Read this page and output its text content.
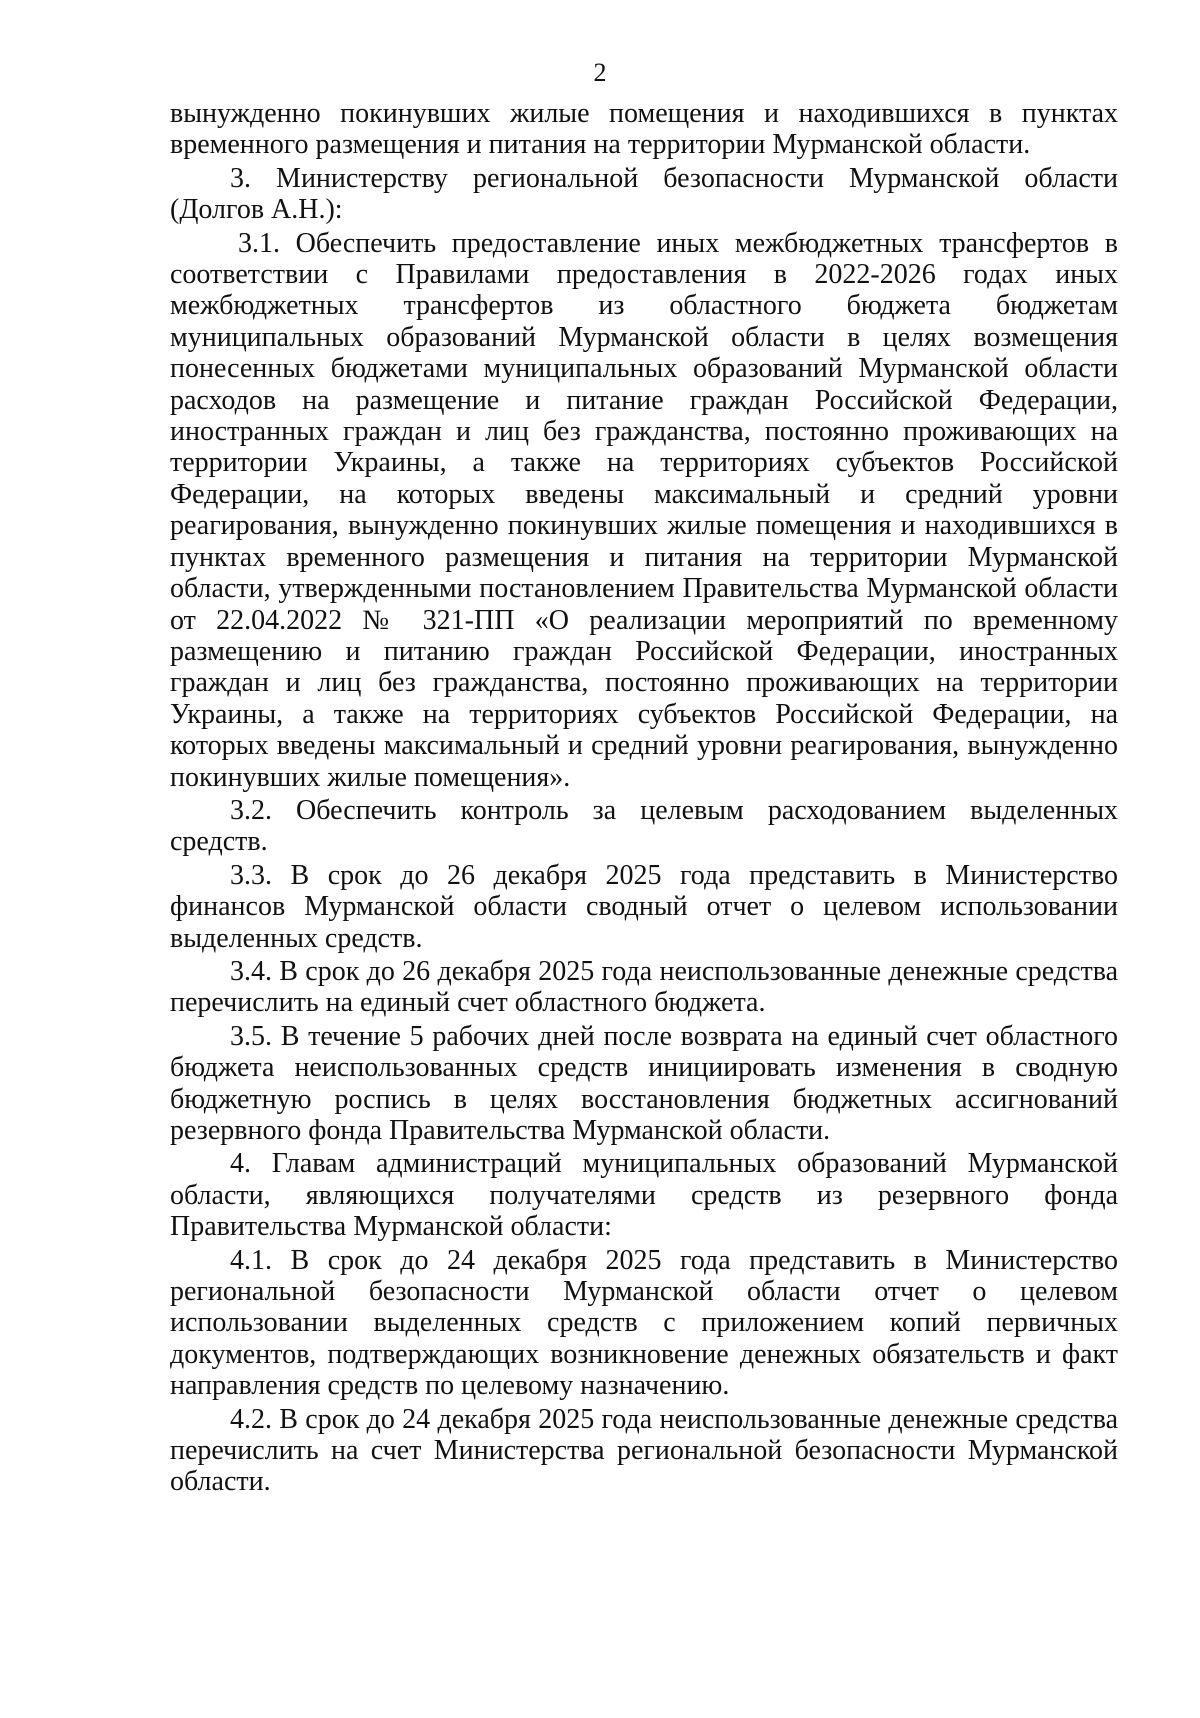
2

вынужденно покинувших жилые помещения и находившихся в пунктах временного размещения и питания на территории Мурманской области.

3. Министерству региональной безопасности Мурманской области (Долгов А.Н.):

3.1. Обеспечить предоставление иных межбюджетных трансфертов в соответствии с Правилами предоставления в 2022-2026 годах иных межбюджетных трансфертов из областного бюджета бюджетам муниципальных образований Мурманской области в целях возмещения понесенных бюджетами муниципальных образований Мурманской области расходов на размещение и питание граждан Российской Федерации, иностранных граждан и лиц без гражданства, постоянно проживающих на территории Украины, а также на территориях субъектов Российской Федерации, на которых введены максимальный и средний уровни реагирования, вынужденно покинувших жилые помещения и находившихся в пунктах временного размещения и питания на территории Мурманской области, утвержденными постановлением Правительства Мурманской области от 22.04.2022 № 321-ПП «О реализации мероприятий по временному размещению и питанию граждан Российской Федерации, иностранных граждан и лиц без гражданства, постоянно проживающих на территории Украины, а также на территориях субъектов Российской Федерации, на которых введены максимальный и средний уровни реагирования, вынужденно покинувших жилые помещения».

3.2. Обеспечить контроль за целевым расходованием выделенных средств.

3.3. В срок до 26 декабря 2025 года представить в Министерство финансов Мурманской области сводный отчет о целевом использовании выделенных средств.

3.4. В срок до 26 декабря 2025 года неиспользованные денежные средства перечислить на единый счет областного бюджета.

3.5. В течение 5 рабочих дней после возврата на единый счет областного бюджета неиспользованных средств инициировать изменения в сводную бюджетную роспись в целях восстановления бюджетных ассигнований резервного фонда Правительства Мурманской области.

4. Главам администраций муниципальных образований Мурманской области, являющихся получателями средств из резервного фонда Правительства Мурманской области:

4.1. В срок до 24 декабря 2025 года представить в Министерство региональной безопасности Мурманской области отчет о целевом использовании выделенных средств с приложением копий первичных документов, подтверждающих возникновение денежных обязательств и факт направления средств по целевому назначению.

4.2. В срок до 24 декабря 2025 года неиспользованные денежные средства перечислить на счет Министерства региональной безопасности Мурманской области.
